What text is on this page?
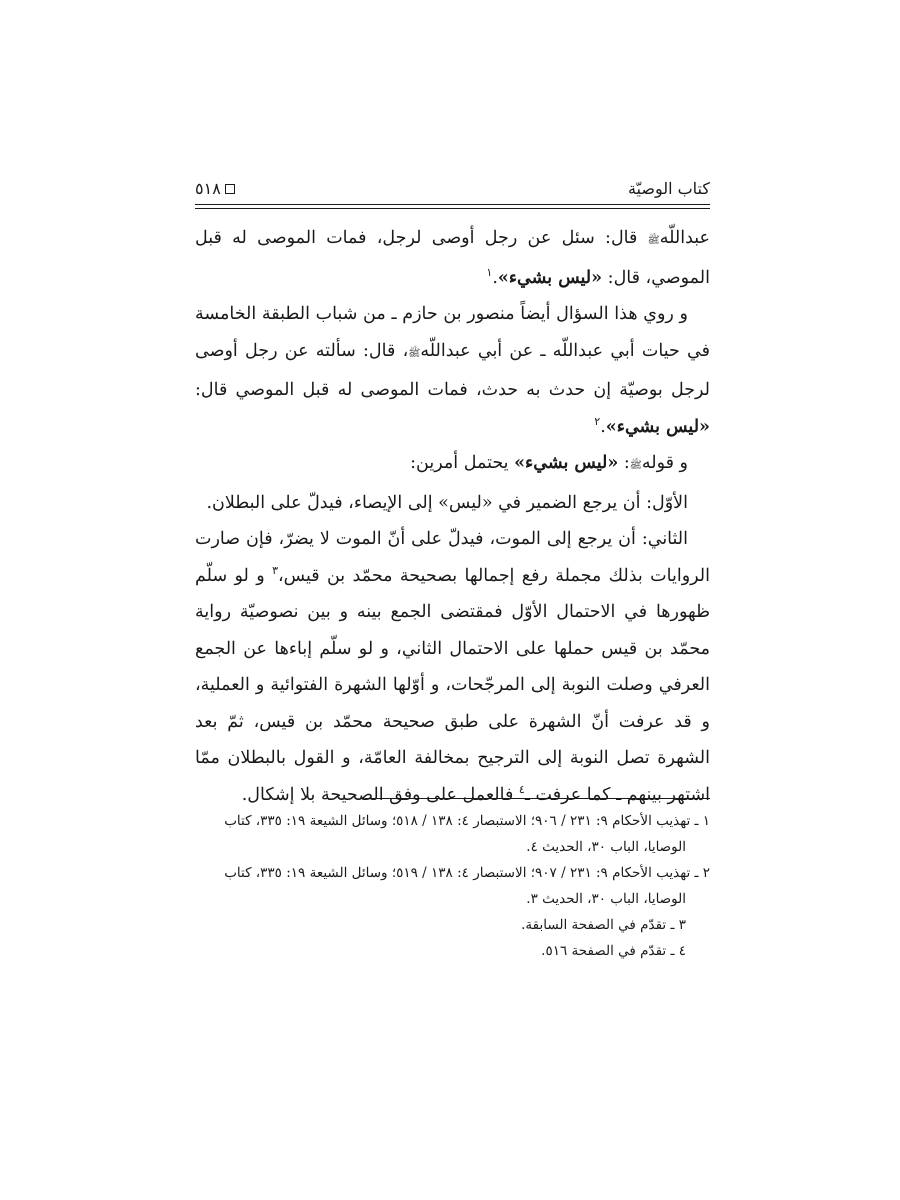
كتاب الوصيّة
٥١٨

عبداللّهﷺ قال: سئل عن رجل أوصى لرجل، فمات الموصى له قبل الموصي، قال: «ليس بشيء».$^١$

و روي هذا السؤال أيضاً منصور بن حازم ـ من شباب الطبقة الخامسة في حيات أبي عبداللّه ـ عن أبي عبداللّهﷺ، قال: سألته عن رجل أوصى لرجل بوصيّة إن حدث به حدث، فمات الموصى له قبل الموصي قال: «ليس بشيء».$^٢$

و قولهﷺ: «ليس بشيء» يحتمل أمرين:

الأوّل: أن يرجع الضمير في «ليس» إلى الإيصاء، فيدلّ على البطلان.

الثاني: أن يرجع إلى الموت، فيدلّ على أنّ الموت لا يضرّ، فإن صارت الروايات بذلك مجملة رفع إجمالها بصحيحة محمّد بن قيس،$^٣$ و لو سلّم ظهورها في الاحتمال الأوّل فمقتضى الجمع بينه و بين نصوصيّة رواية محمّد بن قيس حملها على الاحتمال الثاني، و لو سلّم إباءها عن الجمع العرفي وصلت النوبة إلى المرجّحات، و أوّلها الشهرة الفتوائية و العملية، و قد عرفت أنّ الشهرة على طبق صحيحة محمّد بن قيس، ثمّ بعد الشهرة تصل النوبة إلى الترجيح بمخالفة العامّة، و القول بالبطلان ممّا اشتهر بينهم ـ كما عرفت ـ$^٤$ فالعمل على وفق الصحيحة بلا إشكال.

١ ـ تهذيب الأحكام ٩: ٢٣١ / ٩٠٦؛ الاستبصار ٤: ١٣٨ / ٥١٨؛ وسائل الشيعة ١٩: ٣٣٥، كتاب

الوصايا، الباب ٣٠، الحديث ٤.

٢ ـ تهذيب الأحكام ٩: ٢٣١ / ٩٠٧؛ الاستبصار ٤: ١٣٨ / ٥١٩؛ وسائل الشيعة ١٩: ٣٣٥، كتاب

الوصايا، الباب ٣٠، الحديث ٣.

٣ ـ تقدّم في الصفحة السابقة.

٤ ـ تقدّم في الصفحة ٥١٦.
